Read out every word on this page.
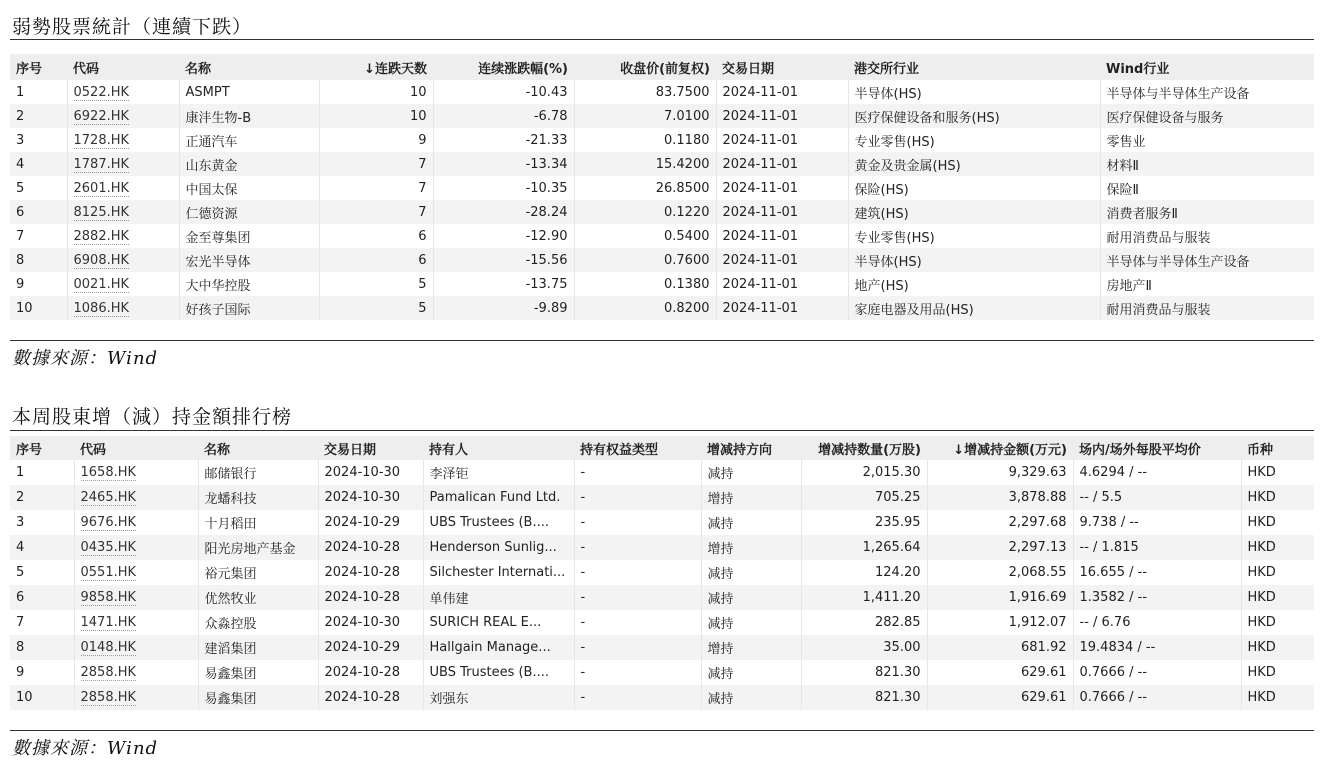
弱勢股票統計（連續下跌）
序号	代码	名称	↓连跌天数	连续涨跌幅(%)	收盘价(前复权)	交易日期	港交所行业	Wind行业
1	0522.HK	ASMPT	10	-10.43	83.7500	2024-11-01	半导体(HS)	半导体与半导体生产设备
2	6922.HK	康沣生物-B	10	-6.78	7.0100	2024-11-01	医疗保健设备和服务(HS)	医疗保健设备与服务
3	1728.HK	正通汽车	9	-21.33	0.1180	2024-11-01	专业零售(HS)	零售业
4	1787.HK	山东黄金	7	-13.34	15.4200	2024-11-01	黄金及贵金属(HS)	材料Ⅱ
5	2601.HK	中国太保	7	-10.35	26.8500	2024-11-01	保险(HS)	保险Ⅱ
6	8125.HK	仁德资源	7	-28.24	0.1220	2024-11-01	建筑(HS)	消费者服务Ⅱ
7	2882.HK	金至尊集团	6	-12.90	0.5400	2024-11-01	专业零售(HS)	耐用消费品与服装
8	6908.HK	宏光半导体	6	-15.56	0.7600	2024-11-01	半导体(HS)	半导体与半导体生产设备
9	0021.HK	大中华控股	5	-13.75	0.1380	2024-11-01	地产(HS)	房地产Ⅱ
10	1086.HK	好孩子国际	5	-9.89	0.8200	2024-11-01	家庭电器及用品(HS)	耐用消费品与服装
數據來源：Wind
本周股東增（減）持金額排行榜
序号	代码	名称	交易日期	持有人	持有权益类型	增减持方向	增减持数量(万股)	↓增减持金额(万元)	场内/场外每股平均价	币种
1	1658.HK	邮储银行	2024-10-30	李泽钜	-	减持	2,015.30	9,329.63	4.6294 / --	HKD
2	2465.HK	龙蟠科技	2024-10-30	Pamalican Fund Ltd.	-	增持	705.25	3,878.88	-- / 5.5	HKD
3	9676.HK	十月稻田	2024-10-29	UBS Trustees (B....	-	减持	235.95	2,297.68	9.738 / --	HKD
4	0435.HK	阳光房地产基金	2024-10-28	Henderson Sunlig...	-	增持	1,265.64	2,297.13	-- / 1.815	HKD
5	0551.HK	裕元集团	2024-10-28	Silchester Internati...	-	减持	124.20	2,068.55	16.655 / --	HKD
6	9858.HK	优然牧业	2024-10-28	单伟建	-	减持	1,411.20	1,916.69	1.3582 / --	HKD
7	1471.HK	众淼控股	2024-10-30	SURICH REAL E...	-	减持	282.85	1,912.07	-- / 6.76	HKD
8	0148.HK	建滔集团	2024-10-29	Hallgain Manage...	-	增持	35.00	681.92	19.4834 / --	HKD
9	2858.HK	易鑫集团	2024-10-28	UBS Trustees (B....	-	减持	821.30	629.61	0.7666 / --	HKD
10	2858.HK	易鑫集团	2024-10-28	刘强东	-	减持	821.30	629.61	0.7666 / --	HKD
數據來源：Wind
